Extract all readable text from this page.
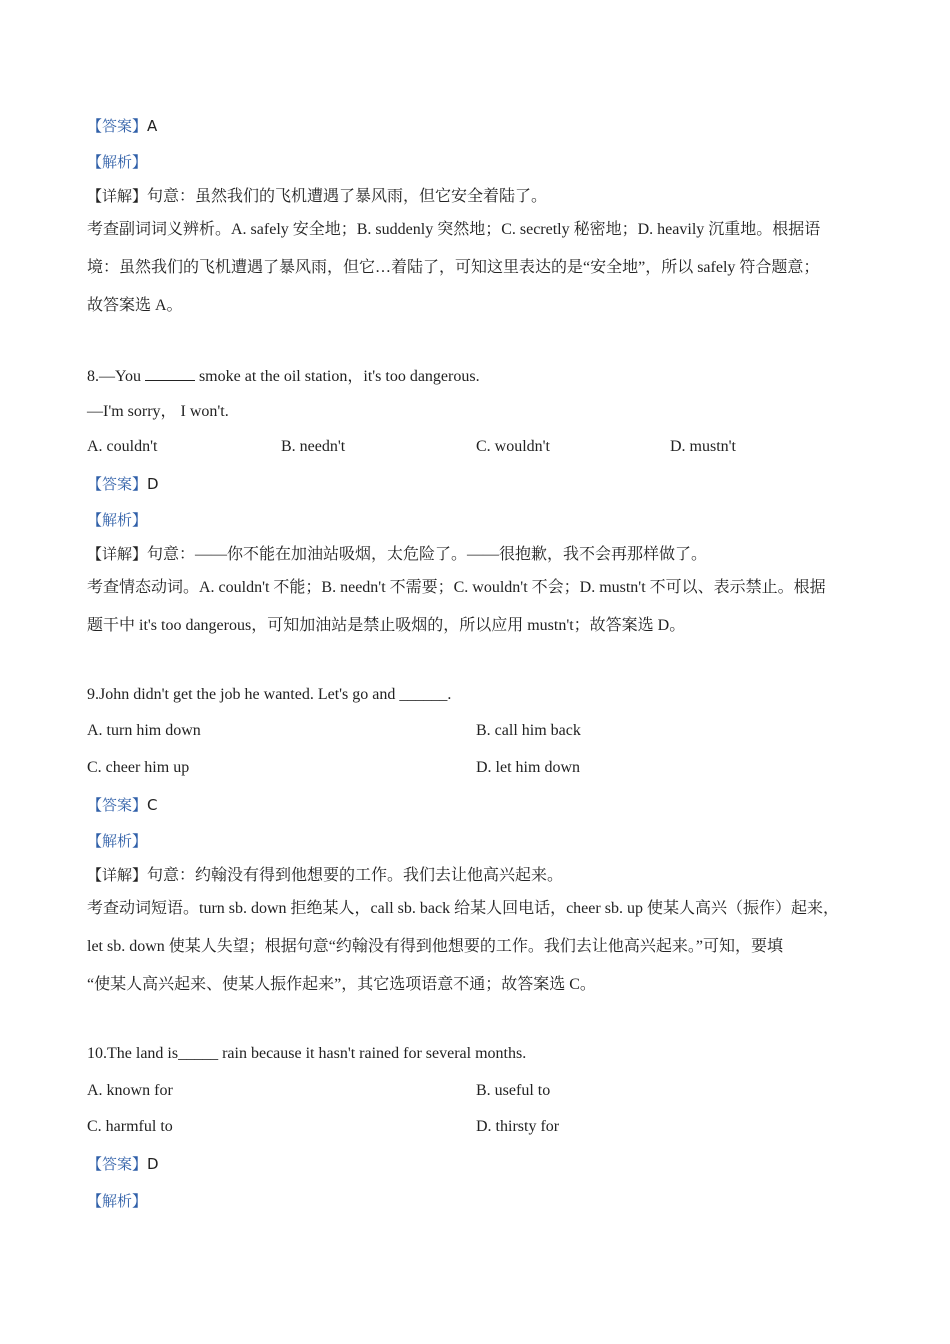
【答案】A
【解析】
【详解】句意：虽然我们的飞机遭遇了暴风雨，但它安全着陆了。
考查副词词义辨析。A. safely 安全地；B. suddenly 突然地；C. secretly 秘密地；D. heavily 沉重地。根据语
境：虽然我们的飞机遭遇了暴风雨，但它…着陆了，可知这里表达的是“安全地”，所以 safely 符合题意；
故答案选 A。
8.—You	smoke at the oil station，it's too dangerous.
—I'm sorry， I won't.
A. couldn't	B. needn't	C. wouldn't	D. mustn't
【答案】D
【解析】
【详解】句意：——你不能在加油站吸烟，太危险了。——很抱歉，我不会再那样做了。
考查情态动词。A. couldn't 不能；B. needn't 不需要；C. wouldn't 不会；D. mustn't 不可以、表示禁止。根据
题干中 it's too dangerous，可知加油站是禁止吸烟的，所以应用 mustn't；故答案选 D。
9.John didn't get the job he wanted. Let's go and ______.
A. turn him down	B. call him back
C. cheer him up	D. let him down
【答案】C
【解析】
【详解】句意：约翰没有得到他想要的工作。我们去让他高兴起来。
考查动词短语。turn sb. down 拒绝某人，call sb. back 给某人回电话，cheer sb. up 使某人高兴（振作）起来，
let sb. down 使某人失望；根据句意“约翰没有得到他想要的工作。我们去让他高兴起来。”可知，要填
“使某人高兴起来、使某人振作起来”，其它选项语意不通；故答案选 C。
10.The land is_____ rain because it hasn't rained for several months.
A. known for	B. useful to
C. harmful to	D. thirsty for
【答案】D
【解析】
